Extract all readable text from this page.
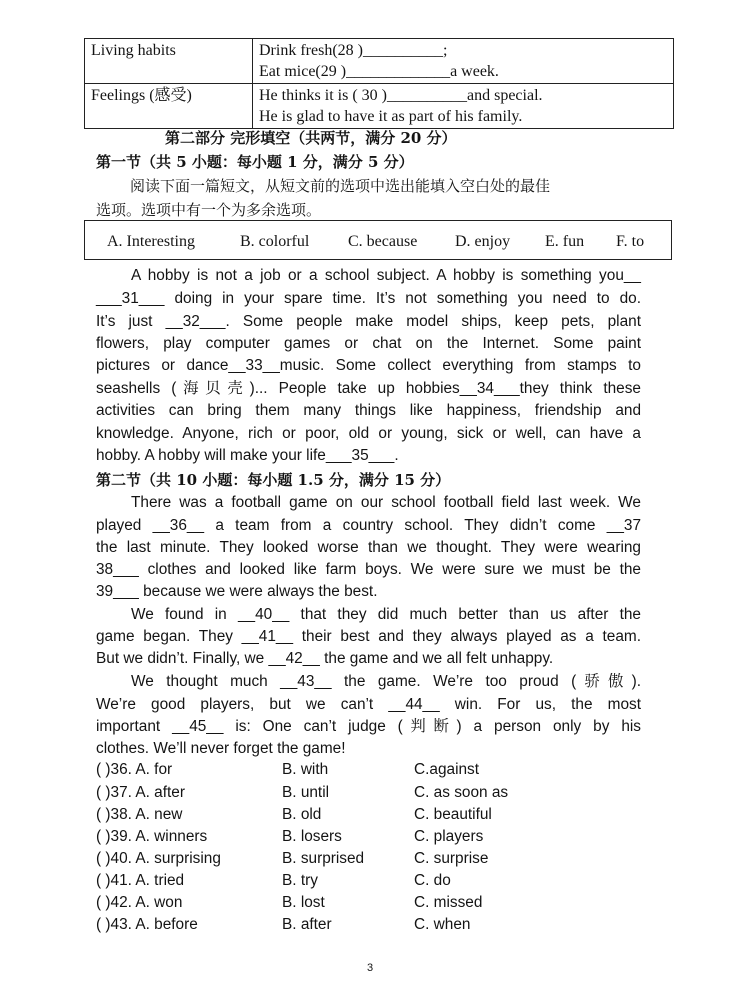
Living habits	Drink fresh(28 )__________;
Eat mice(29 )_____________a week.

Feelings (感受)	He thinks it is ( 30 )__________and special.
He is glad to have it as part of his family.
第二部分 完形填空（共两节，满分 20 分）
第一节（共 5 小题：每小题 1 分，满分 5 分）
阅读下面一篇短文，从短文前的选项中选出能填入空白处的最佳
选项。选项中有一个为多余选项。
A. Interesting	B. colorful C. because D. enjoy E. fun F. to
A hobby is not a job or a school subject. A hobby is something you__
___31___ doing in your spare time. It’s not something you need to do.
It’s just __32___. Some people make model ships, keep pets, plant
flowers, play computer games or chat on the Internet. Some paint
pictures or dance__33__music. Some collect everything from stamps to
seashells (海贝壳)... People take up hobbies__34___they think these
activities can bring them many things like happiness, friendship and
knowledge. Anyone, rich or poor, old or young, sick or well, can have a
hobby. A hobby will make your life___35___.
第二节（共 10 小题：每小题 1.5 分，满分 15 分）
There was a football game on our school football field last week. We
played __36__ a team from a country school. They didn’t come __37
the last minute. They looked worse than we thought. They were wearing
38___ clothes and looked like farm boys. We were sure we must be the
39___ because we were always the best.
We found in __40__ that they did much better than us after the
game began. They __41__ their best and they always played as a team.
But we didn’t. Finally, we __42__ the game and we all felt unhappy.
We thought much __43__ the game. We’re too proud (骄傲).
We’re good players, but we can’t __44__ win. For us, the most
important __45__ is: One can’t judge (判断) a person only by his
clothes. We’ll never forget the game!
( )36. A. for	B. with	C.against
( )37. A. after	B. until	C. as soon as
( )38. A. new	B. old	C. beautiful
( )39. A. winners	B. losers	C. players
( )40. A. surprising	B. surprised	C. surprise
( )41. A. tried	B. try	C. do
( )42. A. won	B. lost	C. missed
( )43. A. before	B. after	C. when
3
